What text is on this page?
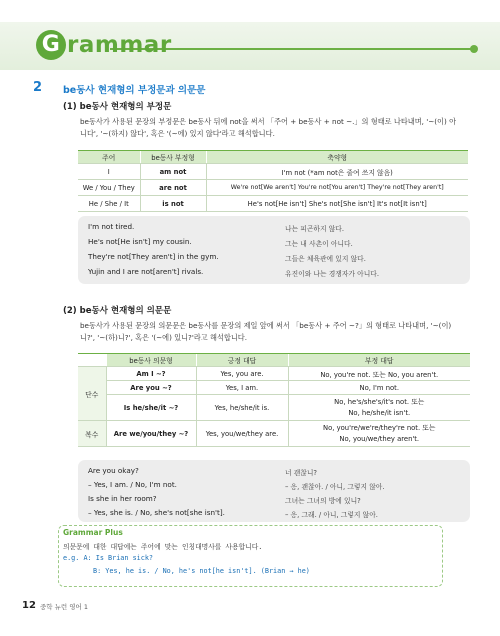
G rammar
2 be동사 현재형의 부정문과 의문문
(1) be동사 현재형의 부정문
be동사가 사용된 문장의 부정문은 be동사 뒤에 not을 써서 「주어 + be동사 + not ~.」의 형태로 나타내며, '~(이) 아
니다', '~(하지) 않다', 혹은 '(~에) 있지 않다'라고 해석합니다.
주어	be동사 부정형	축약형
I	am not	I'm not (*am not은 줄여 쓰지 않음)
We / You / They	are not	We're not[We aren't] You're not[You aren't] They're not[They aren't]
He / She / It	is not	He's not[He isn't] She's not[She isn't] It's not[It isn't]
I'm not tired.	나는 피곤하지 않다.
He's not[He isn't] my cousin.	그는 내 사촌이 아니다.
They're not[They aren't] in the gym.	그들은 체육관에 있지 않다.
Yujin and I are not[aren't] rivals.	유진이와 나는 경쟁자가 아니다.
(2) be동사 현재형의 의문문
be동사가 사용된 문장의 의문문은 be동사를 문장의 제일 앞에 써서 「be동사 + 주어 ~?」의 형태로 나타내며, '~(이)
니?', '~(하)니?', 혹은 '(~에) 있니?'라고 해석합니다.
	be동사 의문형	긍정 대답	부정 대답
단수	Am I ~?	Yes, you are.	No, you're not. 또는 No, you aren't.
	Are you ~?	Yes, I am.	No, I'm not.
	Is he/she/it ~?	Yes, he/she/it is.	No, he's/she's/it's not. 또는
No, he/she/it isn't.

복수	Are we/you/they ~?	Yes, you/we/they are.	No, you're/we're/they're not. 또는
No, you/we/they aren't.
Are you okay?	너 괜찮니?
– Yes, I am. / No, I'm not.	– 응, 괜찮아. / 아니, 그렇지 않아.
Is she in her room?	그녀는 그녀의 방에 있니?
– Yes, she is. / No, she's not[she isn't].	– 응, 그래. / 아니, 그렇지 않아.
Grammar Plus
의문문에 대한 대답에는 주어에 맞는 인칭대명사를 사용합니다.
e.g. A: Is Brian sick?
B: Yes, he is. / No, he's not[he isn't]. (Brian → he)
12 중학 뉴런 영어 1
